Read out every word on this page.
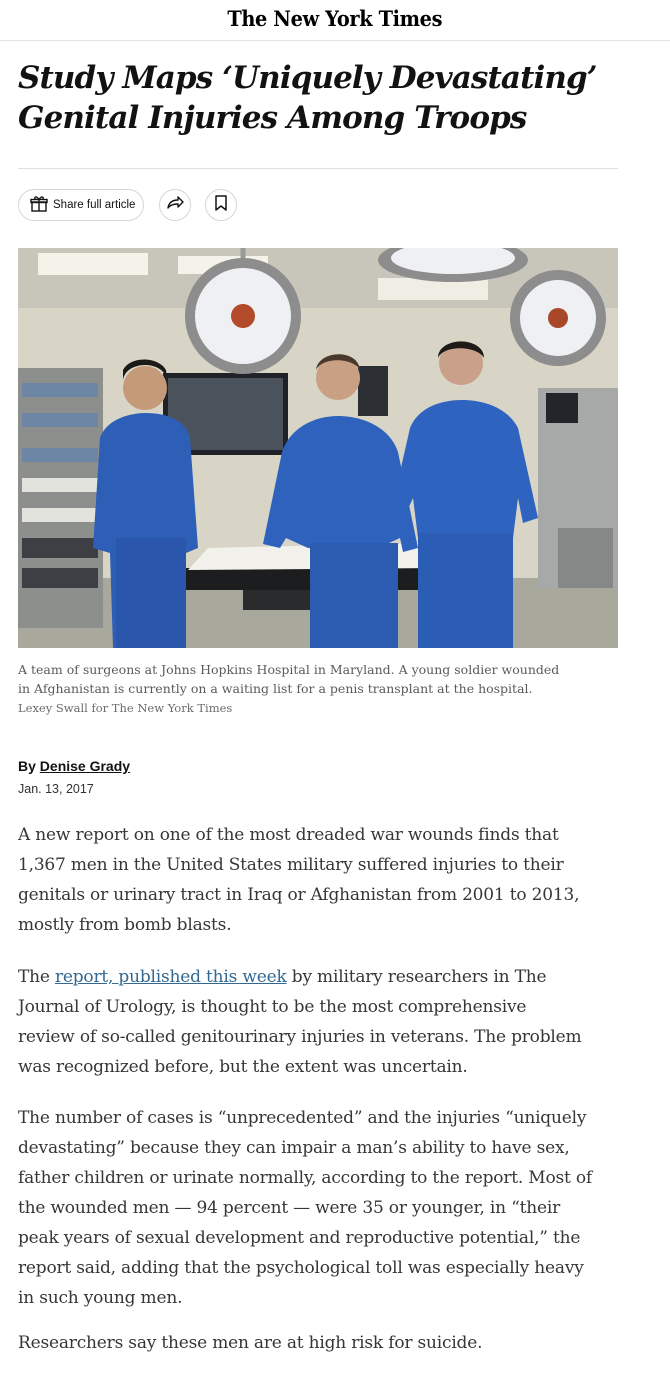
The New York Times
Study Maps ‘Uniquely Devastating’
Genital Injuries Among Troops
Share full article
A team of surgeons at Johns Hopkins Hospital in Maryland. A young soldier wounded
in Afghanistan is currently on a waiting list for a penis transplant at the hospital.
Lexey Swall for The New York Times
By Denise Grady
Jan. 13, 2017

A new report on one of the most dreaded war wounds finds that
1,367 men in the United States military suffered injuries to their
genitals or urinary tract in Iraq or Afghanistan from 2001 to 2013,
mostly from bomb blasts.

The report, published this week by military researchers in The
Journal of Urology, is thought to be the most comprehensive
review of so-called genitourinary injuries in veterans. The problem
was recognized before, but the extent was uncertain.

The number of cases is “unprecedented” and the injuries “uniquely
devastating” because they can impair a man’s ability to have sex,
father children or urinate normally, according to the report. Most of
the wounded men — 94 percent — were 35 or younger, in “their
peak years of sexual development and reproductive potential,” the
report said, adding that the psychological toll was especially heavy
in such young men.

Researchers say these men are at high risk for suicide.
